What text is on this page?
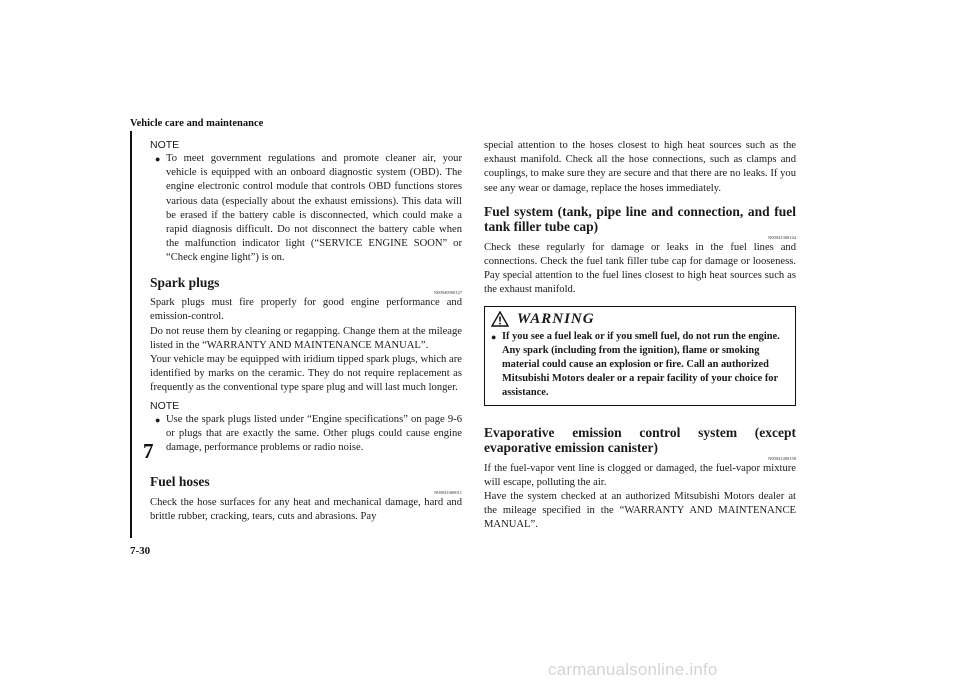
Vehicle care and maintenance
7
7-30

NOTE

● To meet government regulations and promote cleaner air, your vehicle is equipped with an onboard diagnostic system (OBD). The engine electronic control module that controls OBD functions stores various data (especially about the exhaust emissions). This data will be erased if the battery cable is disconnected, which could make a rapid diagnosis difficult. Do not disconnect the battery cable when the malfunction indicator light (“SERVICE ENGINE SOON” or “Check engine light”) is on.

Spark plugs

N00940900127

Spark plugs must fire properly for good engine performance and emission-control.

Do not reuse them by cleaning or regapping. Change them at the mileage listed in the “WARRANTY AND MAINTENANCE MANUAL”.

Your vehicle may be equipped with iridium tipped spark plugs, which are identified by marks on the ceramic. They do not require replacement as frequently as the conventional type spare plug and will last much longer.

NOTE

● Use the spark plugs listed under “Engine specifications” on page 9-6 or plugs that are exactly the same. Other plugs could cause engine damage, performance problems or radio noise.

Fuel hoses

N00941000011

Check the hose surfaces for any heat and mechanical damage, hard and brittle rubber, cracking, tears, cuts and abrasions. Pay

special attention to the hoses closest to high heat sources such as the exhaust manifold. Check all the hose connections, such as clamps and couplings, to make sure they are secure and that there are no leaks. If you see any wear or damage, replace the hoses immediately.

Fuel system (tank, pipe line and connection, and fuel tank filler tube cap)

N00941300144

Check these regularly for damage or leaks in the fuel lines and connections. Check the fuel tank filler tube cap for damage or looseness. Pay special attention to the fuel lines closest to high heat sources such as the exhaust manifold.

WARNING
● If you see a fuel leak or if you smell fuel, do not run the engine. Any spark (including from the ignition), flame or smoking material could cause an explosion or fire. Call an authorized Mitsubishi Motors dealer or a repair facility of your choice for assistance.

Evaporative emission control system (except evaporative emission canister)

N00941400158

If the fuel-vapor vent line is clogged or damaged, the fuel-vapor mixture will escape, polluting the air.

Have the system checked at an authorized Mitsubishi Motors dealer at the mileage specified in the “WARRANTY AND MAINTENANCE MANUAL”.

carmanualsonline.info
